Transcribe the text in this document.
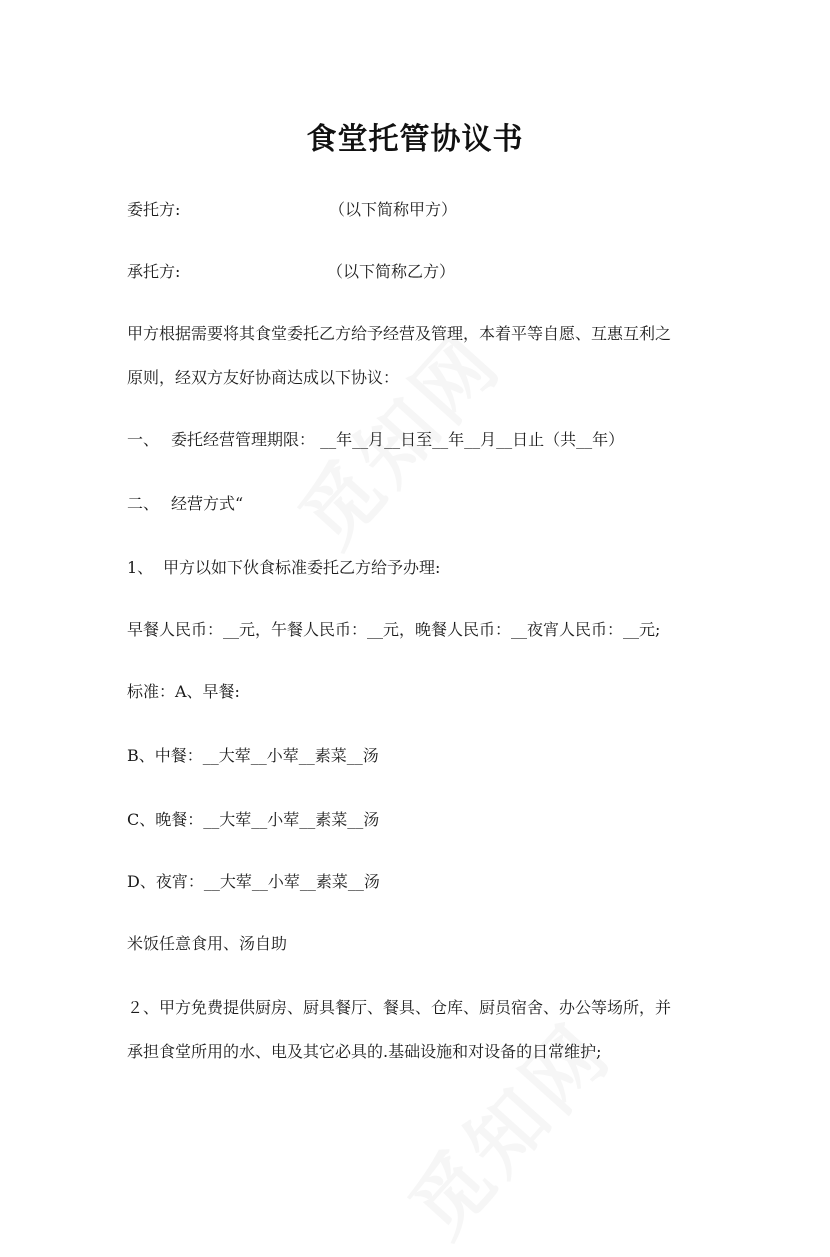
食堂托管协议书
委托方:	（以下简称甲方）
承托方:	（以下简称乙方）
甲方根据需要将其食堂委托乙方给予经营及管理，本着平等自愿、互惠互利之
原则，经双方友好协商达成以下协议：
一、 委托经营管理期限： __年__月__日至__年__月__日止（共__年）
二、 经营方式“
1、 甲方以如下伙食标准委托乙方给予办理:
早餐人民币：__元，午餐人民币：__元，晚餐人民币：__夜宵人民币：__元;
标准：A、早餐:
B、中餐：__大荤__小荤__素菜__汤
C、晚餐：__大荤__小荤__素菜__汤
D、夜宵：__大荤__小荤__素菜__汤
米饭任意食用、汤自助
２、甲方免费提供厨房、厨具餐厅、餐具、仓库、厨员宿舍、办公等场所，并
承担食堂所用的水、电及其它必具的.基础设施和对设备的日常维护;
